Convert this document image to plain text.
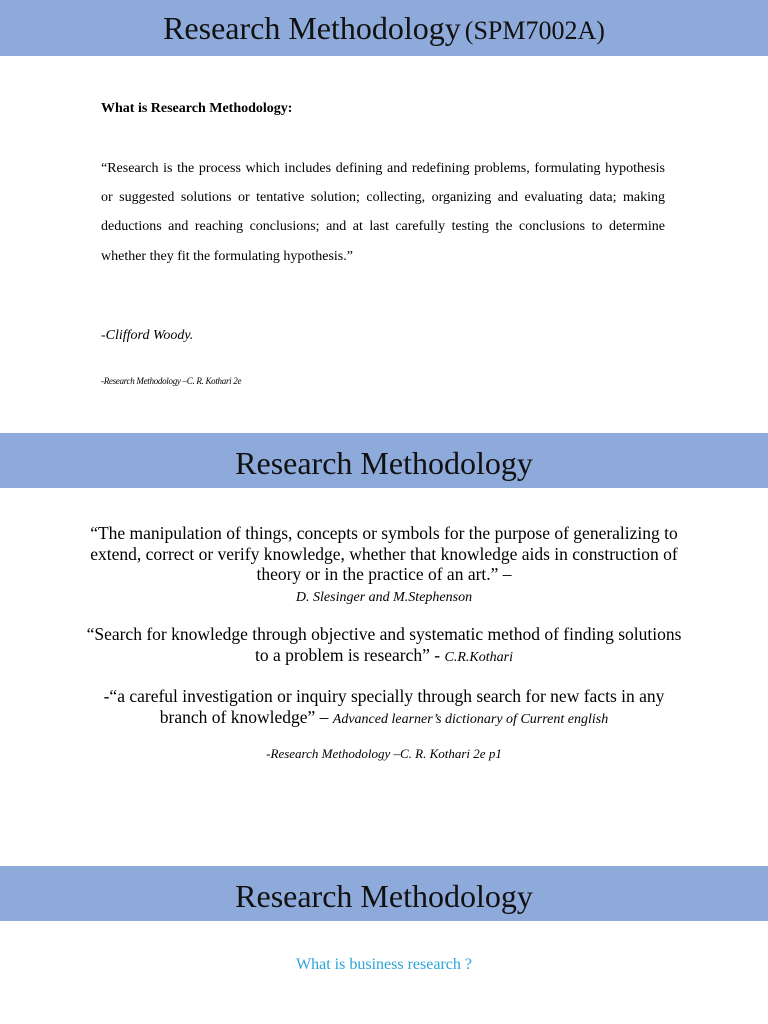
Research Methodology (SPM7002A)
What is Research Methodology:
“Research is the process which includes defining and redefining problems, formulating hypothesis or suggested solutions or tentative solution; collecting, organizing and evaluating data; making deductions and reaching conclusions; and at last carefully testing the conclusions to determine whether they fit the formulating hypothesis.”
-Clifford Woody.
-Research Methodology –C. R. Kothari 2e
Research Methodology
“The manipulation of things, concepts or symbols for the purpose of generalizing to extend, correct or verify knowledge, whether that knowledge aids in construction of theory or in the practice of an art.” –
D. Slesinger and M.Stephenson
“Search for knowledge through objective and systematic method of finding solutions to a problem is research” - C.R.Kothari
-“a careful investigation or inquiry specially through search for new facts in any branch of knowledge” – Advanced learner’s dictionary of Current english
-Research Methodology –C. R. Kothari 2e p1
Research Methodology
What is business research ?
